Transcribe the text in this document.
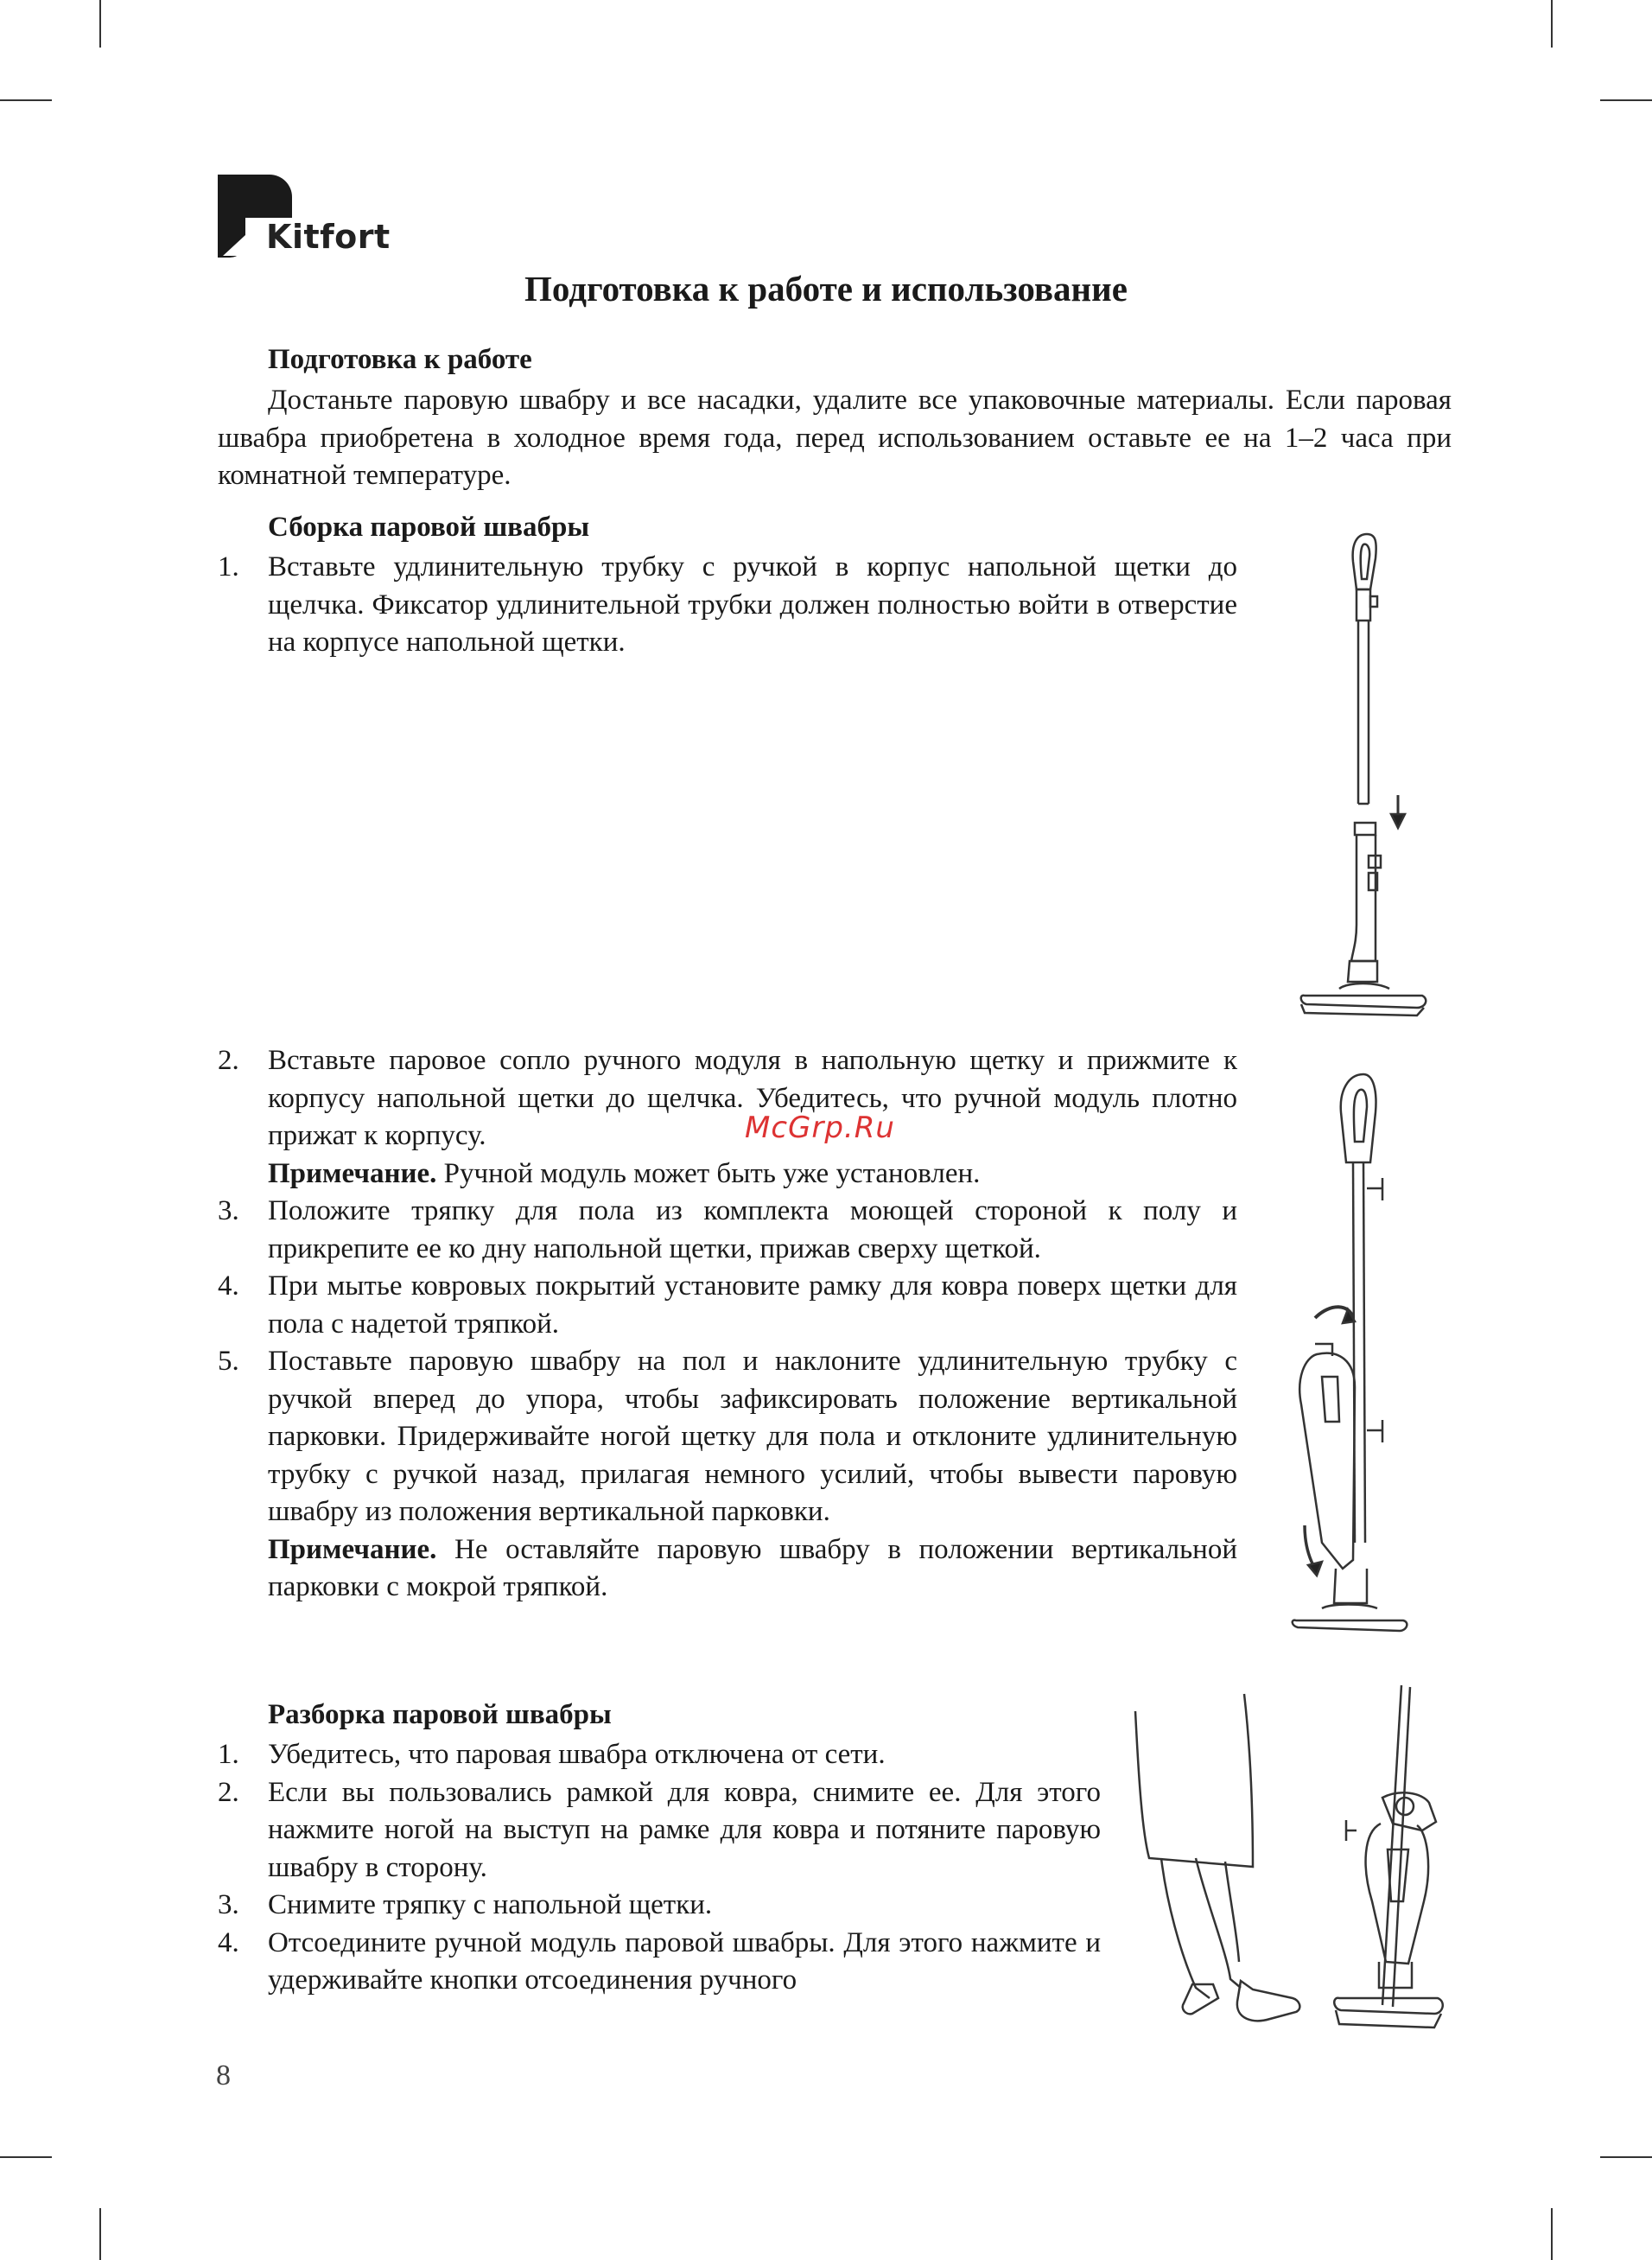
Kitfort
Подготовка к работе и использование
Подготовка к работе

Достаньте паровую швабру и все насадки, удалите все упаковочные материалы. Если паровая швабра приобретена в холодное время года, перед использованием оставьте ее на 1–2 часа при комнатной температуре.

Сборка паровой швабры
1. Вставьте удлинительную трубку с ручкой в корпус напольной щетки до щелчка. Фиксатор удлинительной трубки должен полностью войти в отверстие на корпусе напольной щетки.
2. Вставьте паровое сопло ручного модуля в напольную щетку и прижмите к корпусу напольной щетки до щелчка. Убедитесь, что ручной модуль плотно прижат к корпусу.
Примечание. Ручной модуль может быть уже установлен.
3. Положите тряпку для пола из комплекта моющей стороной к полу и прикрепите ее ко дну напольной щетки, прижав сверху щеткой.
4. При мытье ковровых покрытий установите рамку для ковра поверх щетки для пола с надетой тряпкой.
5. Поставьте паровую швабру на пол и наклоните удлинительную трубку с ручкой вперед до упора, чтобы зафиксировать положение вертикальной парковки. Придерживайте ногой щетку для пола и отклоните удлинительную трубку с ручкой назад, прилагая немного усилий, чтобы вывести паровую швабру из положения вертикальной парковки.
Примечание. Не оставляйте паровую швабру в положении вертикальной парковки с мокрой тряпкой.
Разборка паровой швабры
1. Убедитесь, что паровая швабра отключена от сети.
2. Если вы пользовались рамкой для ковра, снимите ее. Для этого нажмите ногой на выступ на рамке для ковра и потяните паровую швабру в сторону.
3. Снимите тряпку с напольной щетки.
4. Отсоедините ручной модуль паровой швабры. Для этого нажмите и удерживайте кнопки отсоединения ручного
8
McGrp.Ru
